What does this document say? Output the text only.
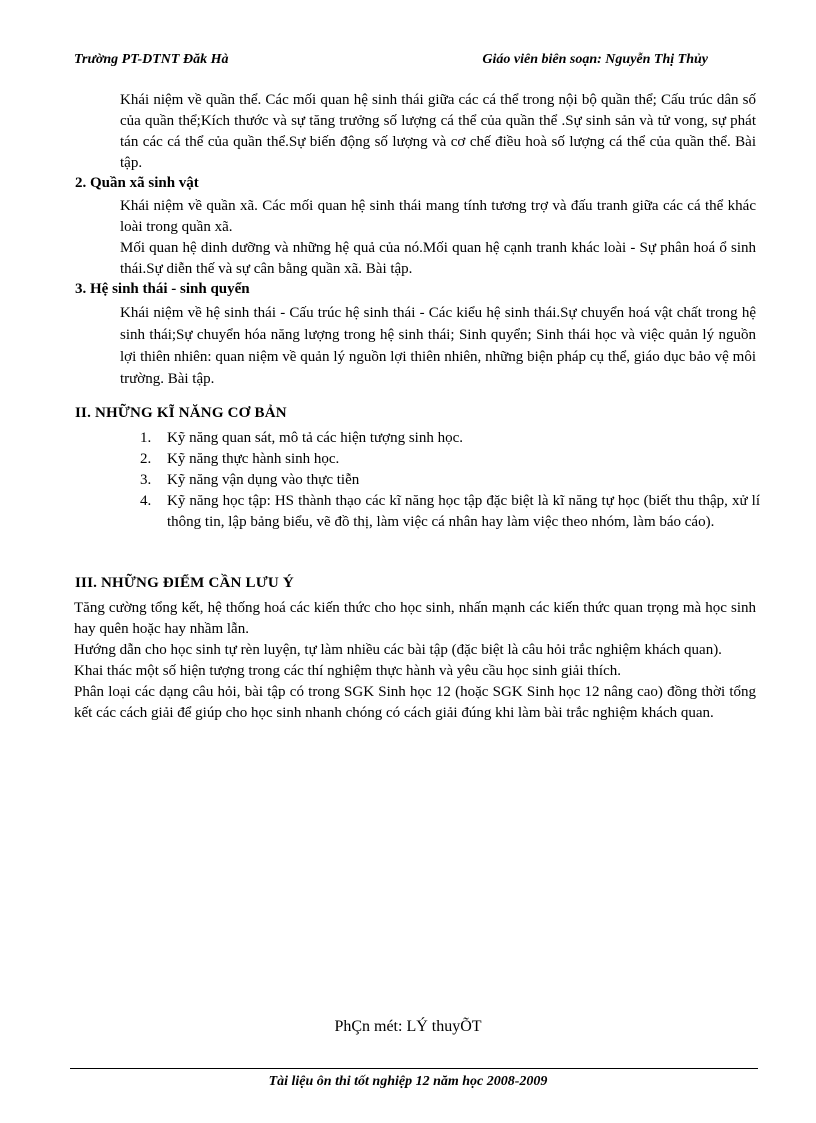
Trường PT-DTNT Đăk Hà	Giáo viên biên soạn: Nguyễn Thị Thủy

Khái niệm về quần thể. Các mối quan hệ sinh thái giữa các cá thể trong nội bộ quần thể; Cấu trúc dân số của quần thể;Kích thước và sự tăng trưởng số lượng cá thể của quần thể .Sự sinh sản và tử vong, sự phát tán các cá thể của quần thể.Sự biến động số lượng và cơ chế điều hoà số lượng cá thể của quần thể. Bài tập.

2. Quần xã sinh vật

Khái niệm về quần xã. Các mối quan hệ sinh thái mang tính tương trợ và đấu tranh giữa các cá thể khác loài trong quần xã.

Mối quan hệ dinh dưỡng và những hệ quả của nó.Mối quan hệ cạnh tranh khác loài - Sự phân hoá ổ sinh thái.Sự diễn thế và sự cân bằng quần xã. Bài tập.

3. Hệ sinh thái - sinh quyển

Khái niệm về hệ sinh thái - Cấu trúc hệ sinh thái - Các kiểu hệ sinh thái.Sự chuyển hoá vật chất trong hệ sinh thái;Sự chuyển hóa năng lượng trong hệ sinh thái; Sinh quyển; Sinh thái học và việc quản lý nguồn lợi thiên nhiên: quan niệm về quản lý nguồn lợi thiên nhiên, những biện pháp cụ thể, giáo dục bảo vệ môi trường. Bài tập.

II. NHỮNG KĨ NĂNG CƠ BẢN
1.	Kỹ năng quan sát, mô tả các hiện tượng sinh học.
2.	Kỹ năng thực hành sinh học.
3.	Kỹ năng vận dụng vào thực tiễn
4.	Kỹ năng học tập: HS thành thạo các kĩ năng học tập đặc biệt là kĩ năng tự học (biết thu thập, xử lí thông tin, lập bảng biểu, vẽ đồ thị, làm việc cá nhân hay làm việc theo nhóm, làm báo cáo).
III. NHỮNG ĐIỂM CẦN LƯU Ý

Tăng cường tổng kết, hệ thống hoá các kiến thức cho học sinh, nhấn mạnh các kiến thức quan trọng mà học sinh hay quên hoặc hay nhầm lẫn.

Hướng dẫn cho học sinh tự rèn luyện, tự làm nhiều các bài tập (đặc biệt là câu hỏi trắc nghiệm khách quan).

Khai thác một số hiện tượng trong các thí nghiệm thực hành và yêu cầu học sinh giải thích.

Phân loại các dạng câu hỏi, bài tập có trong SGK Sinh học 12 (hoặc SGK Sinh học 12 nâng cao) đồng thời tổng kết các cách giải để giúp cho học sinh nhanh chóng có cách giải đúng khi làm bài trắc nghiệm khách quan.

PhÇn mét: LÝ thuyÕT
Tài liệu ôn thi tốt nghiệp 12 năm học 2008-2009
